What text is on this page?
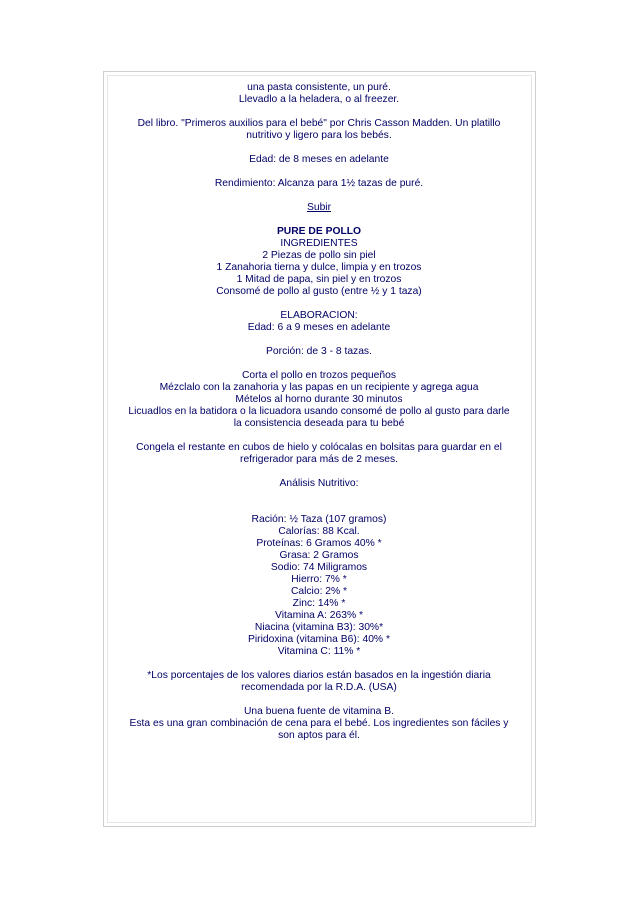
una pasta consistente, un puré.

Llevadlo a la heladera, o al freezer.

Del libro. "Primeros auxilios para el bebé" por Chris Casson Madden. Un platillo

nutritivo y ligero para los bebés.

Edad: de 8 meses en adelante

Rendimiento: Alcanza para 1½ tazas de puré.

Subir

PURE DE POLLO

INGREDIENTES

2 Piezas de pollo sin piel

1 Zanahoria tierna y dulce, limpia y en trozos

1 Mitad de papa, sin piel y en trozos

Consomé de pollo al gusto (entre ½ y 1 taza)

ELABORACION:

Edad: 6 a 9 meses en adelante

Porción: de 3 - 8 tazas.

Corta el pollo en trozos pequeños

Mézclalo con la zanahoria y las papas en un recipiente y agrega agua

Mételos al horno durante 30 minutos

Licuadlos en la batidora o la licuadora usando consomé de pollo al gusto para darle

la consistencia deseada para tu bebé

Congela el restante en cubos de hielo y colócalas en bolsitas para guardar en el

refrigerador para más de 2 meses.

Análisis Nutritivo:

Ración: ½ Taza (107 gramos)

Calorías: 88 Kcal.

Proteínas: 6 Gramos 40% *

Grasa: 2 Gramos

Sodio: 74 Miligramos

Hierro: 7% *

Calcio: 2% *

Zinc: 14% *

Vitamina A: 263% *

Niacina (vitamina B3): 30%*

Piridoxina (vitamina B6): 40% *

Vitamina C: 11% *

*Los porcentajes de los valores diarios están basados en la ingestión diaria

recomendada por la R.D.A. (USA)

Una buena fuente de vitamina B.

Esta es una gran combinación de cena para el bebé. Los ingredientes son fáciles y

son aptos para él.
